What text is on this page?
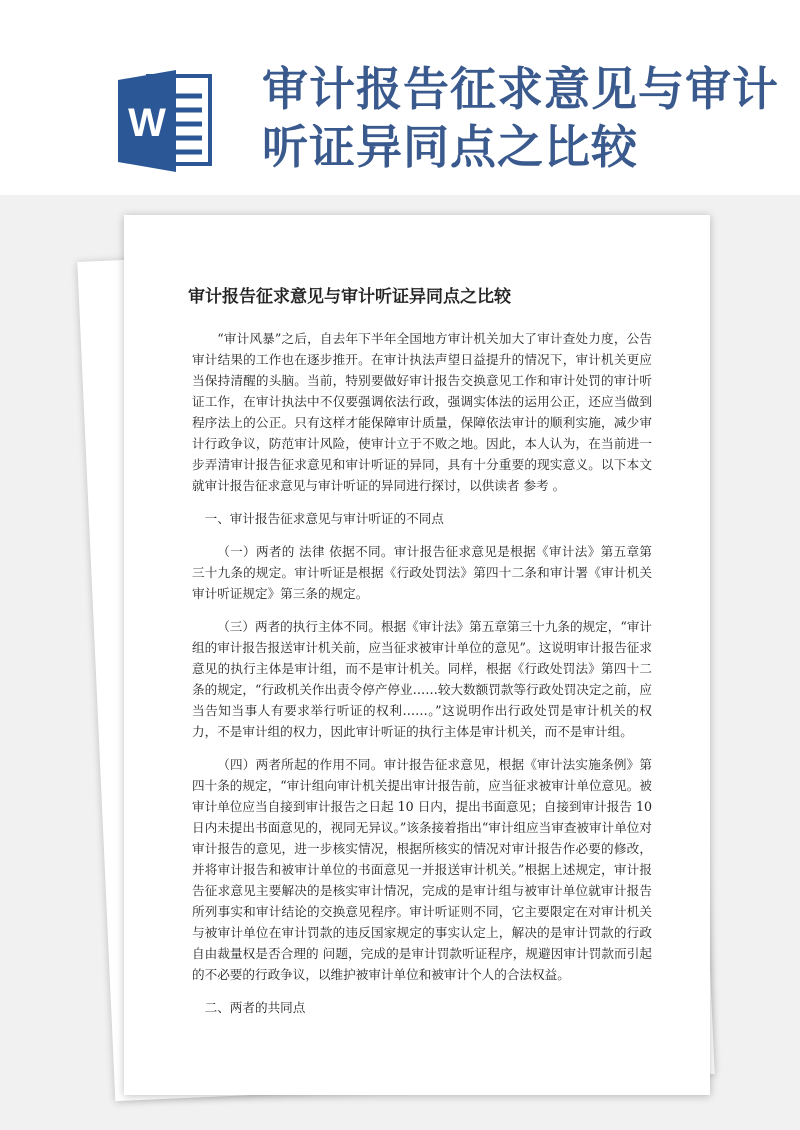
W
审计报告征求意见与审计听证异同点之比较
审计报告征求意见与审计听证异同点之比较

“审计风暴”之后，自去年下半年全国地方审计机关加大了审计查处力度，公告审计结果的工作也在逐步推开。在审计执法声望日益提升的情况下，审计机关更应当保持清醒的头脑。当前，特别要做好审计报告交换意见工作和审计处罚的审计听证工作，在审计执法中不仅要强调依法行政，强调实体法的运用公正，还应当做到程序法上的公正。只有这样才能保障审计质量，保障依法审计的顺利实施，减少审计行政争议，防范审计风险，使审计立于不败之地。因此，本人认为，在当前进一步弄清审计报告征求意见和审计听证的异同，具有十分重要的现实意义。以下本文就审计报告征求意见与审计听证的异同进行探讨，以供读者 参考 。

一、审计报告征求意见与审计听证的不同点

（一）两者的 法律 依据不同。审计报告征求意见是根据《审计法》第五章第三十九条的规定。审计听证是根据《行政处罚法》第四十二条和审计署《审计机关审计听证规定》第三条的规定。

（三）两者的执行主体不同。根据《审计法》第五章第三十九条的规定，“审计组的审计报告报送审计机关前，应当征求被审计单位的意见”。这说明审计报告征求意见的执行主体是审计组，而不是审计机关。同样，根据《行政处罚法》第四十二条的规定，“行政机关作出责令停产停业……较大数额罚款等行政处罚决定之前，应当告知当事人有要求举行听证的权利……。”这说明作出行政处罚是审计机关的权力，不是审计组的权力，因此审计听证的执行主体是审计机关，而不是审计组。

（四）两者所起的作用不同。审计报告征求意见，根据《审计法实施条例》第四十条的规定，“审计组向审计机关提出审计报告前，应当征求被审计单位意见。被审计单位应当自接到审计报告之日起 10 日内，提出书面意见；自接到审计报告 10 日内未提出书面意见的，视同无异议。”该条接着指出“审计组应当审查被审计单位对审计报告的意见，进一步核实情况，根据所核实的情况对审计报告作必要的修改，并将审计报告和被审计单位的书面意见一并报送审计机关。”根据上述规定，审计报告征求意见主要解决的是核实审计情况，完成的是审计组与被审计单位就审计报告所列事实和审计结论的交换意见程序。审计听证则不同，它主要限定在对审计机关与被审计单位在审计罚款的违反国家规定的事实认定上，解决的是审计罚款的行政自由裁量权是否合理的 问题，完成的是审计罚款听证程序，规避因审计罚款而引起的不必要的行政争议，以维护被审计单位和被审计个人的合法权益。

二、两者的共同点
